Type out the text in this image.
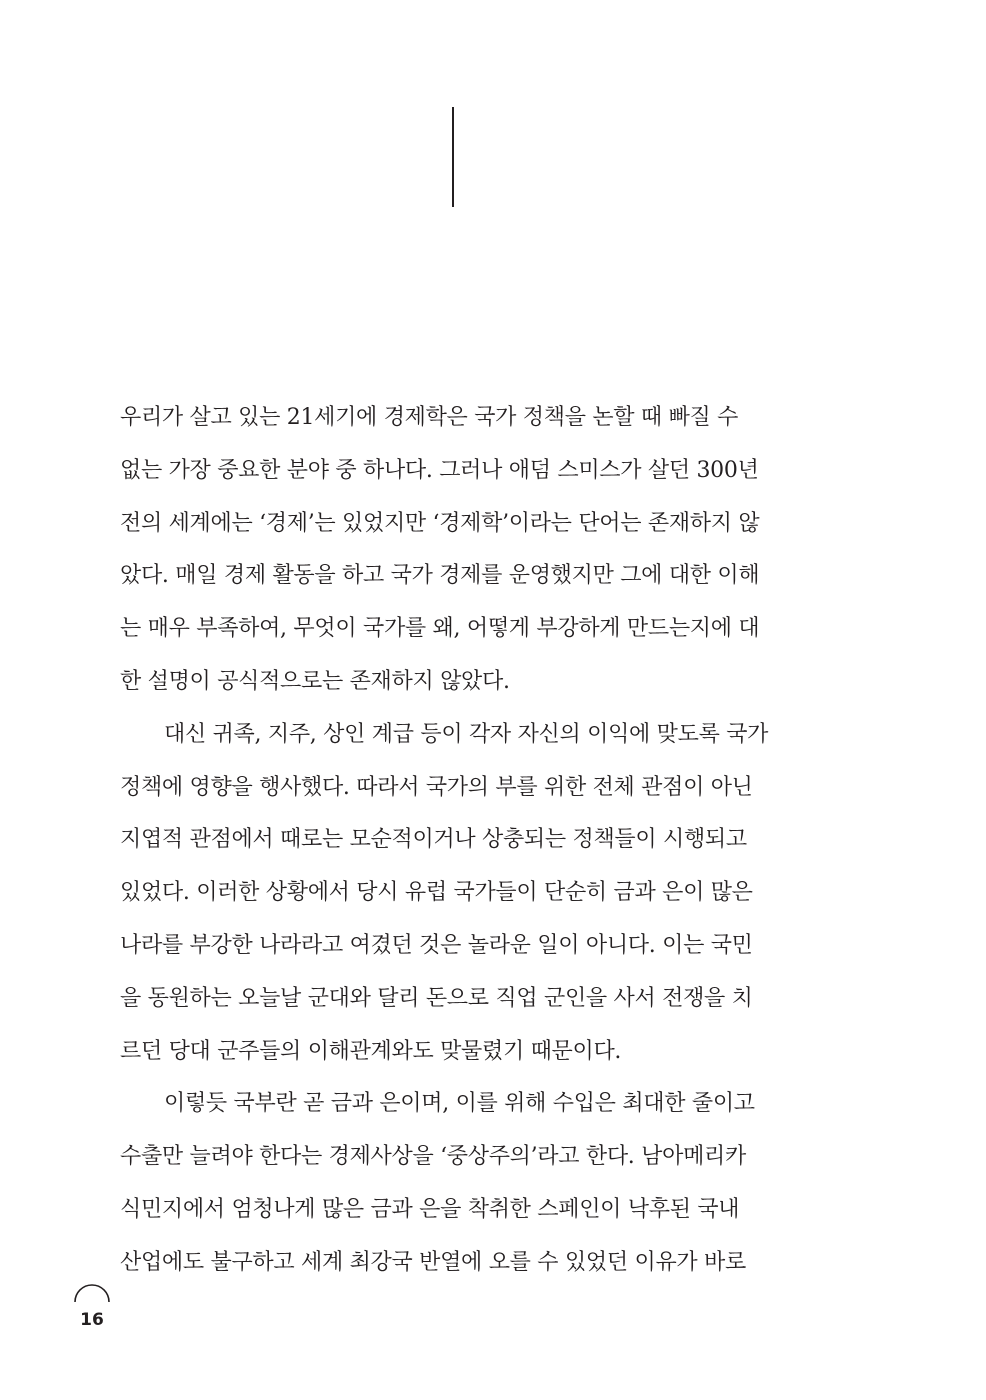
우리가 살고 있는 21세기에 경제학은 국가 정책을 논할 때 빠질 수
없는 가장 중요한 분야 중 하나다. 그러나 애덤 스미스가 살던 300년
전의 세계에는 ‘경제’는 있었지만 ‘경제학’이라는 단어는 존재하지 않
았다. 매일 경제 활동을 하고 국가 경제를 운영했지만 그에 대한 이해
는 매우 부족하여, 무엇이 국가를 왜, 어떻게 부강하게 만드는지에 대
한 설명이 공식적으로는 존재하지 않았다.
대신 귀족, 지주, 상인 계급 등이 각자 자신의 이익에 맞도록 국가
정책에 영향을 행사했다. 따라서 국가의 부를 위한 전체 관점이 아닌
지엽적 관점에서 때로는 모순적이거나 상충되는 정책들이 시행되고
있었다. 이러한 상황에서 당시 유럽 국가들이 단순히 금과 은이 많은
나라를 부강한 나라라고 여겼던 것은 놀라운 일이 아니다. 이는 국민
을 동원하는 오늘날 군대와 달리 돈으로 직업 군인을 사서 전쟁을 치
르던 당대 군주들의 이해관계와도 맞물렸기 때문이다.
이렇듯 국부란 곧 금과 은이며, 이를 위해 수입은 최대한 줄이고
수출만 늘려야 한다는 경제사상을 ‘중상주의’라고 한다. 남아메리카
식민지에서 엄청나게 많은 금과 은을 착취한 스페인이 낙후된 국내
산업에도 불구하고 세계 최강국 반열에 오를 수 있었던 이유가 바로
16
